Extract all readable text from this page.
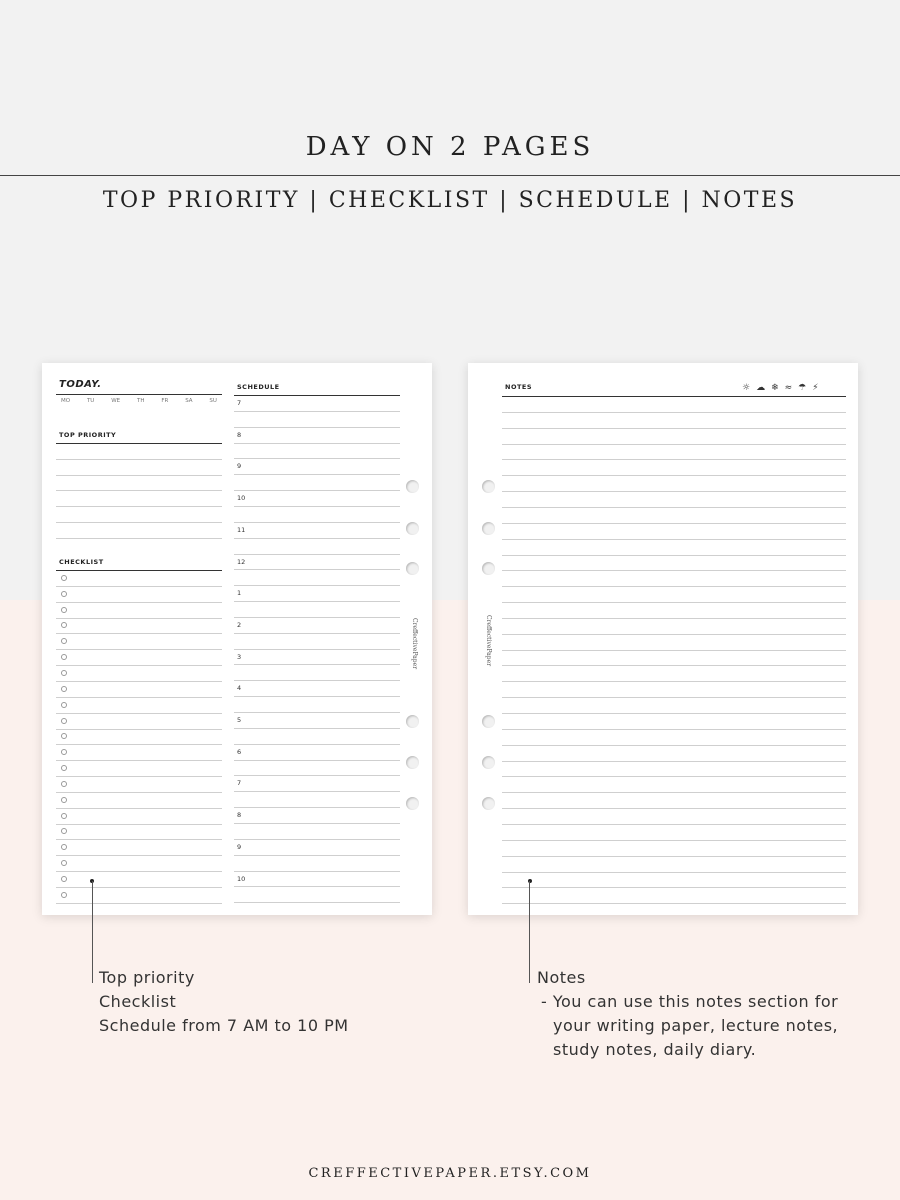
DAY ON 2 PAGES
TOP PRIORITY | CHECKLIST | SCHEDULE | NOTES
TODAY.
MO	TU	WE	TH	FR	SA	SU
TOP PRIORITY
CHECKLIST
SCHEDULE
7
8
9
10
11
12
1
2
3
4
5
6
7
8
9
10
CreffectivePaper
NOTES	☼ ☁ ❄ ≈ ☂ ⚡
CreffectivePaper
Top priority
Checklist
Schedule from 7 AM to 10 PM
Notes
- You can use this notes section for
your writing paper, lecture notes,
study notes, daily diary.
CREFFECTIVEPAPER.ETSY.COM
